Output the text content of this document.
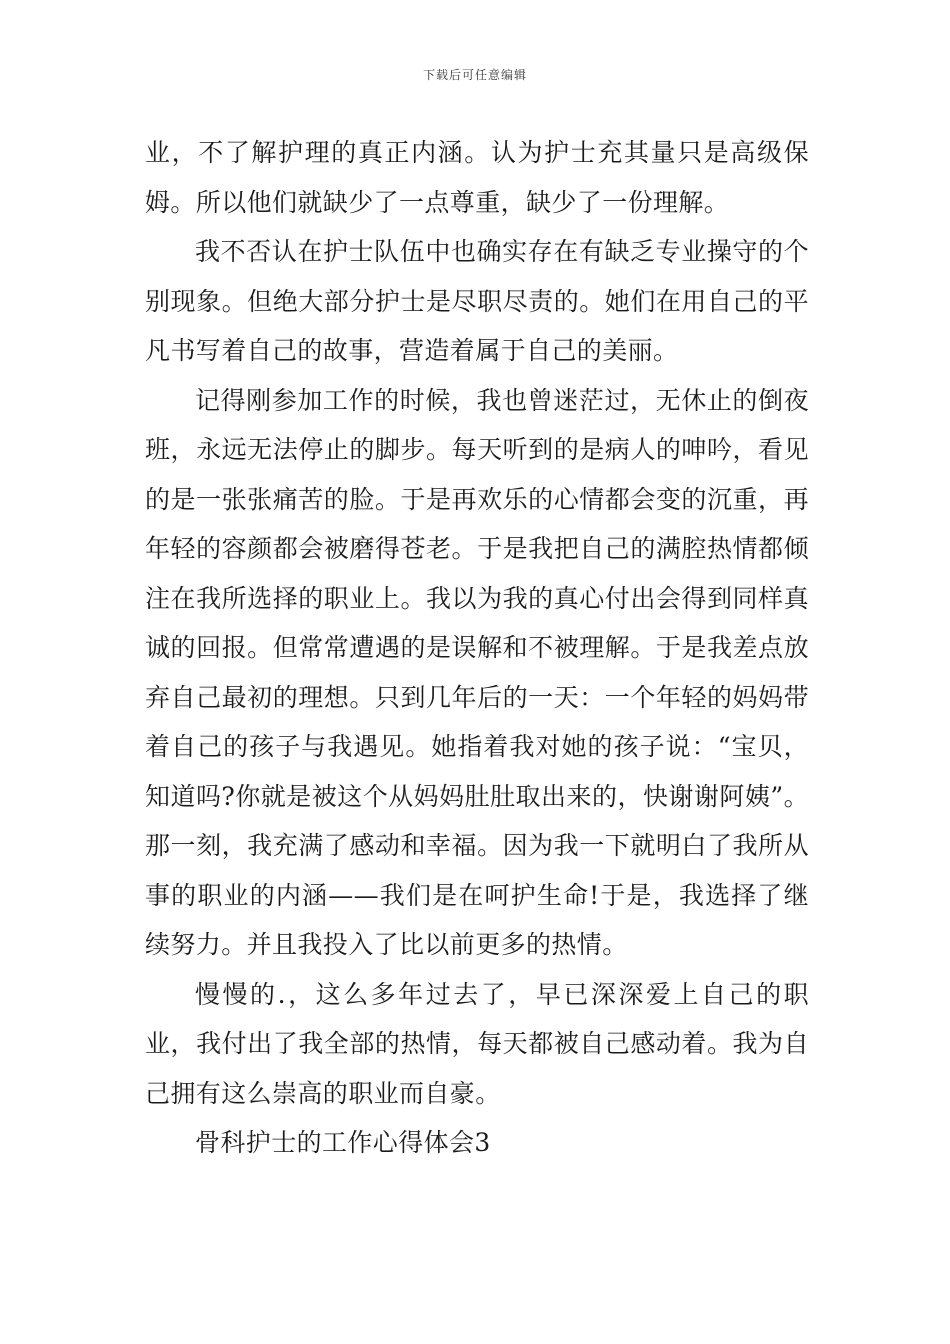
下载后可任意编辑

业，不了解护理的真正内涵。认为护士充其量只是高级保姆。所以他们就缺少了一点尊重，缺少了一份理解。

我不否认在护士队伍中也确实存在有缺乏专业操守的个别现象。但绝大部分护士是尽职尽责的。她们在用自己的平凡书写着自己的故事，营造着属于自己的美丽。

记得刚参加工作的时候，我也曾迷茫过，无休止的倒夜班，永远无法停止的脚步。每天听到的是病人的呻吟，看见的是一张张痛苦的脸。于是再欢乐的心情都会变的沉重，再年轻的容颜都会被磨得苍老。于是我把自己的满腔热情都倾注在我所选择的职业上。我以为我的真心付出会得到同样真诚的回报。但常常遭遇的是误解和不被理解。于是我差点放弃自己最初的理想。只到几年后的一天：一个年轻的妈妈带着自己的孩子与我遇见。她指着我对她的孩子说：“宝贝，知道吗?你就是被这个从妈妈肚肚取出来的，快谢谢阿姨”。那一刻，我充满了感动和幸福。因为我一下就明白了我所从事的职业的内涵——我们是在呵护生命!于是，我选择了继续努力。并且我投入了比以前更多的热情。

慢慢的.，这么多年过去了，早已深深爱上自己的职业，我付出了我全部的热情，每天都被自己感动着。我为自己拥有这么崇高的职业而自豪。

骨科护士的工作心得体会3
